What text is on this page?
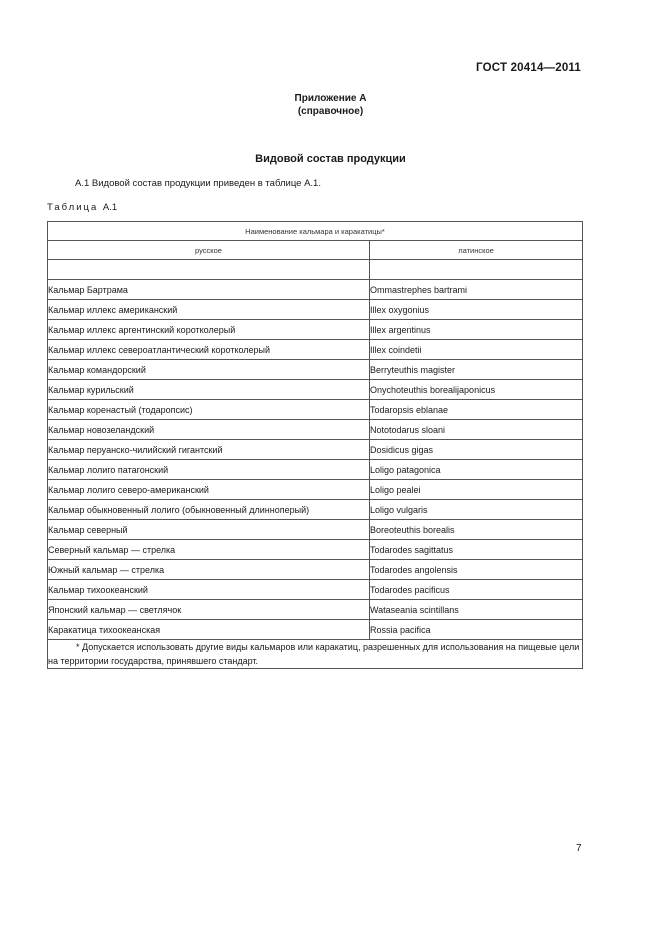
ГОСТ 20414—2011
Приложение А
(справочное)
Видовой состав продукции
А.1 Видовой состав продукции приведен в таблице А.1.
Таблица А.1
Наименование кальмара и каракатицы*	
русское	латинское

Кальмар Бартрама	Ommastrephes bartrami
Кальмар иллекс американский	Illex oxygonius
Кальмар иллекс аргентинский коротколерый	Illex argentinus
Кальмар иллекс североатлантический коротколерый	Illex coindetii
Кальмар командорский	Berryteuthis magister
Кальмар курильский	Onychoteuthis borealijaponicus
Кальмар коренастый (тодаропсис)	Todaropsis eblanae
Кальмар новозеландский	Nototodarus sloani
Кальмар перуанско-чилийский гигантский	Dosidicus gigas
Кальмар лолиго патагонский	Loligo patagonica
Кальмар лолиго северо-американский	Loligo pealei
Кальмар обыкновенный лолиго (обыкновенный длинноперый)	Loligo vulgaris
Кальмар северный	Boreoteuthis borealis
Северный кальмар — стрелка	Todarodes sagittatus
Южный кальмар — стрелка	Todarodes angolensis
Кальмар тихоокеанский	Todarodes pacificus
Японский кальмар — светлячок	Wataseania scintillans
Каракатица тихоокеанская	Rossia pacifica
* Допускается использовать другие виды кальмаров или каракатиц, разрешенных для использования на пищевые цели на территории государства, принявшего стандарт.	
7
